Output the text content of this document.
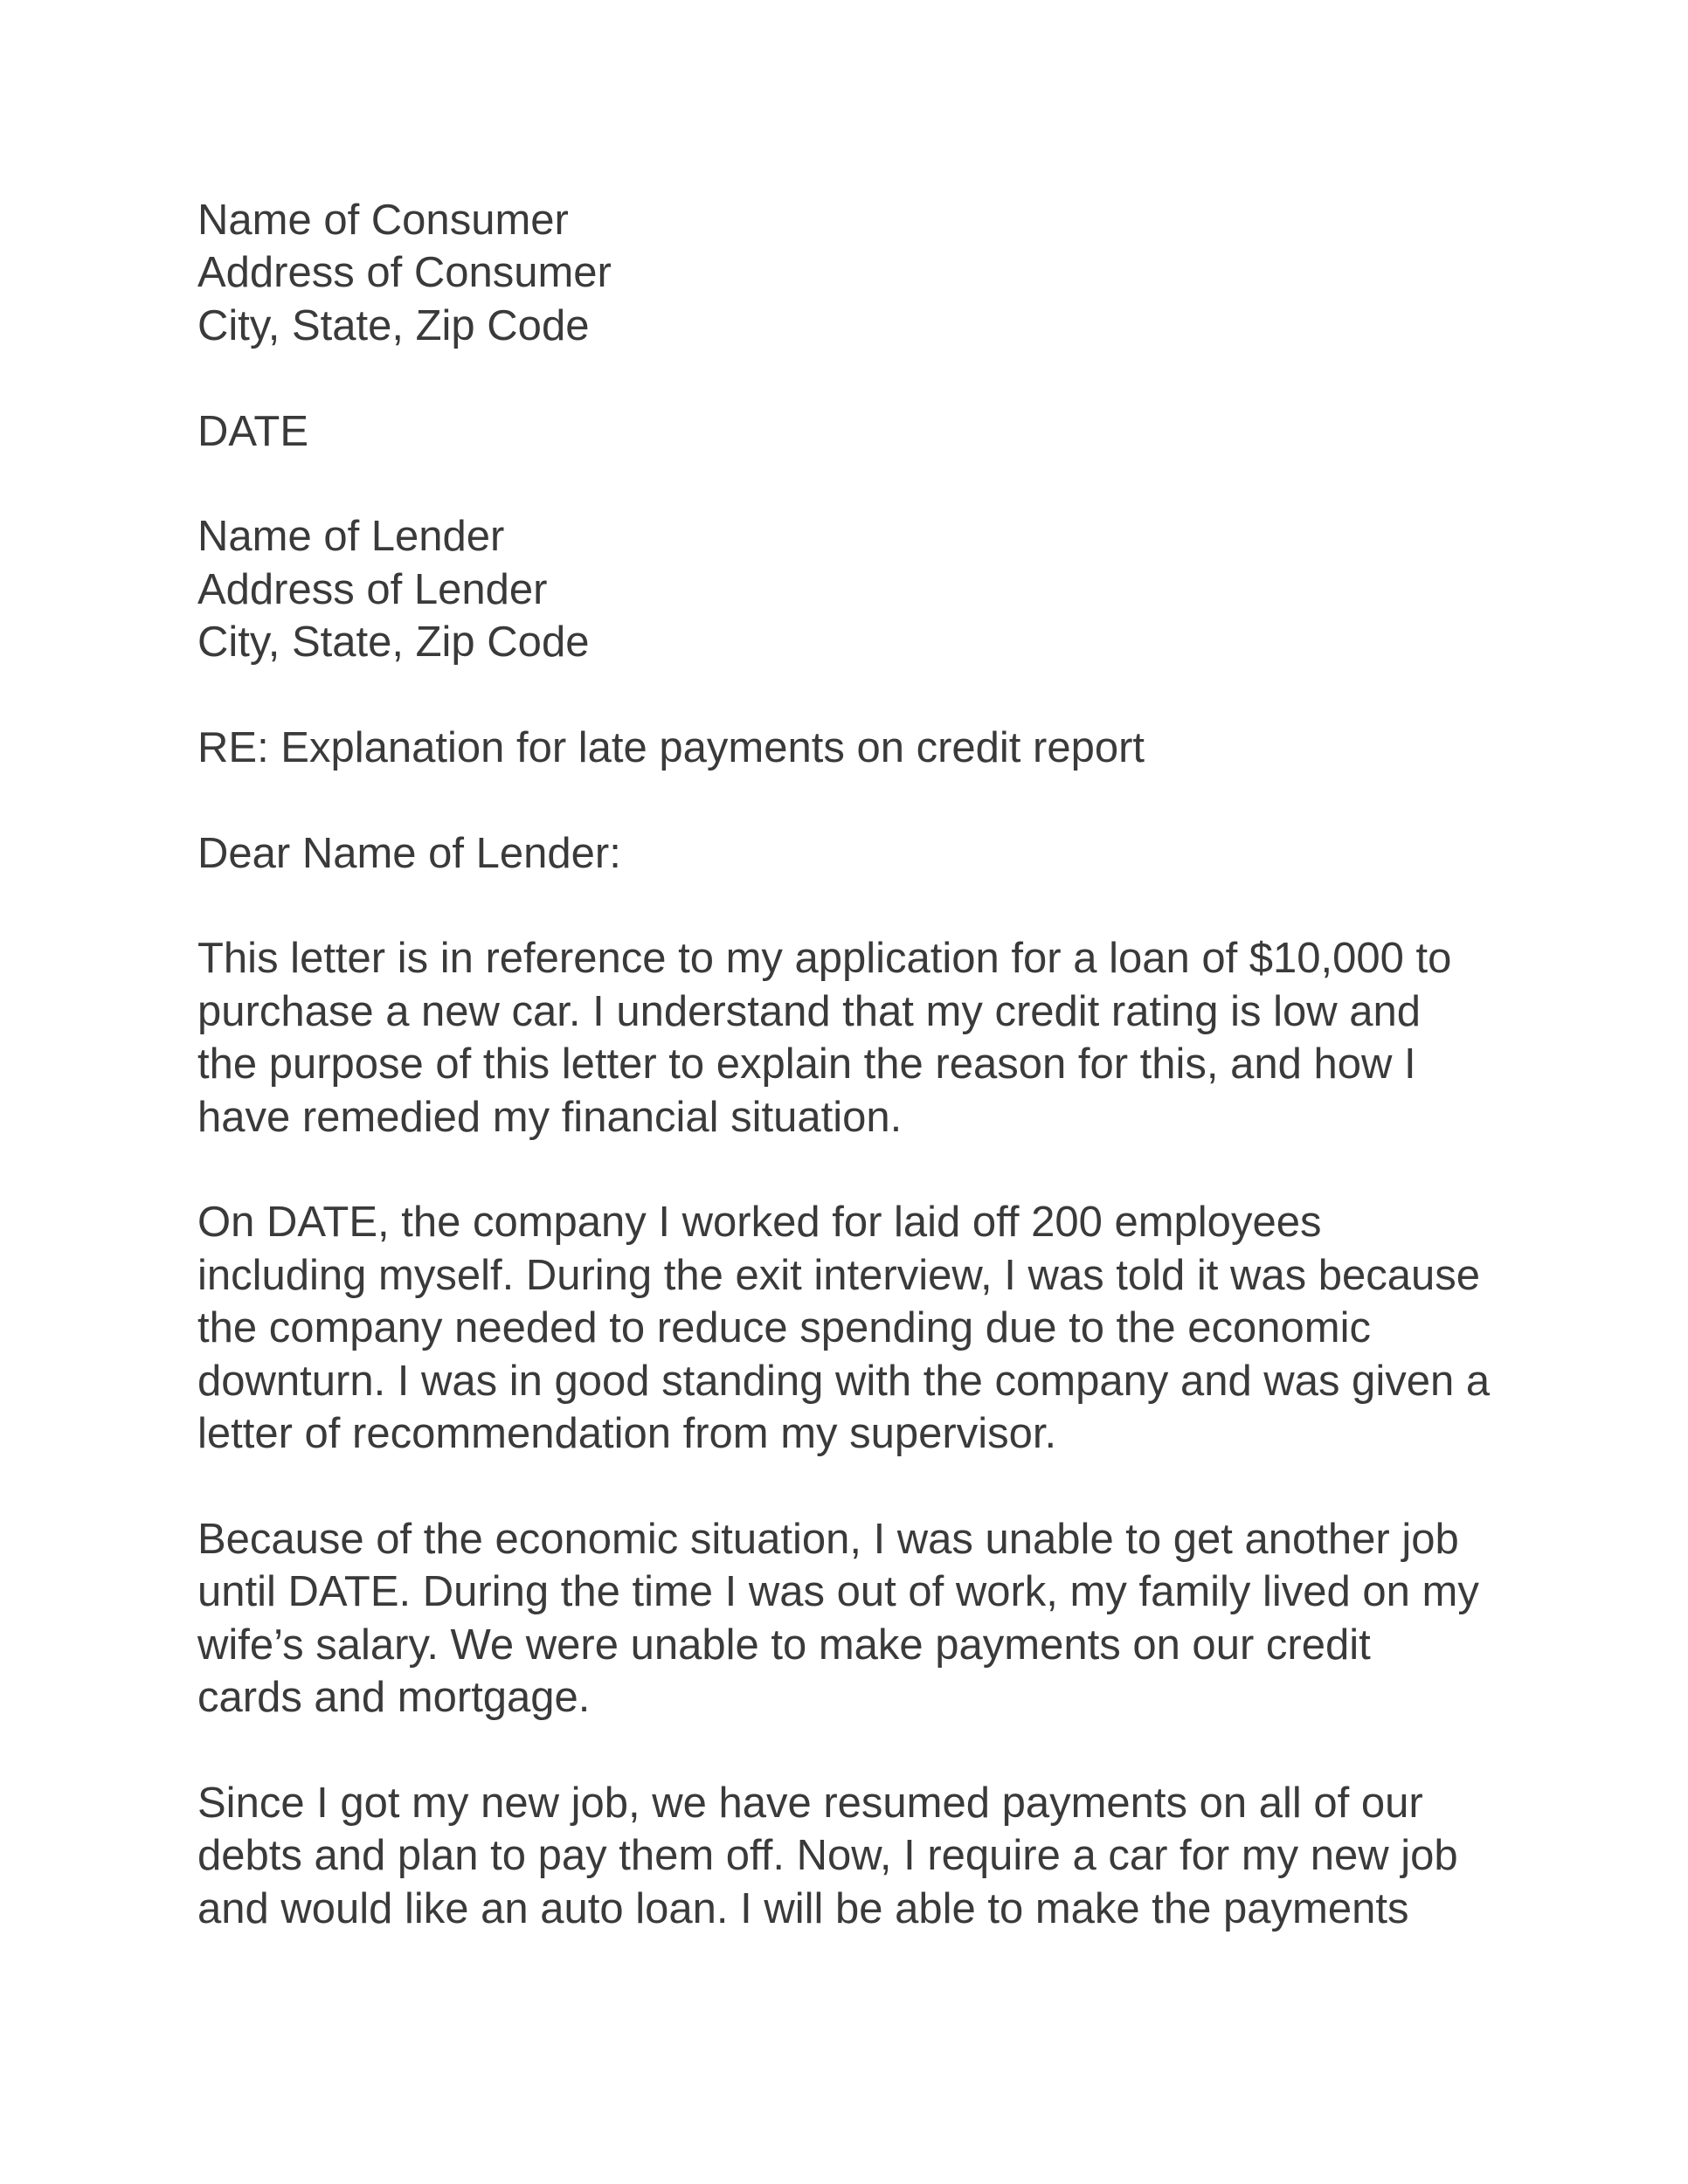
Name of Consumer
Address of Consumer
City, State, Zip Code
DATE
Name of Lender
Address of Lender
City, State, Zip Code
RE: Explanation for late payments on credit report
Dear Name of Lender:
This letter is in reference to my application for a loan of $10,000 to
purchase a new car. I understand that my credit rating is low and
the purpose of this letter to explain the reason for this, and how I
have remedied my financial situation.
On DATE, the company I worked for laid off 200 employees
including myself. During the exit interview, I was told it was because
the company needed to reduce spending due to the economic
downturn. I was in good standing with the company and was given a
letter of recommendation from my supervisor.
Because of the economic situation, I was unable to get another job
until DATE. During the time I was out of work, my family lived on my
wife’s salary. We were unable to make payments on our credit
cards and mortgage.
Since I got my new job, we have resumed payments on all of our
debts and plan to pay them off. Now, I require a car for my new job
and would like an auto loan. I will be able to make the payments
